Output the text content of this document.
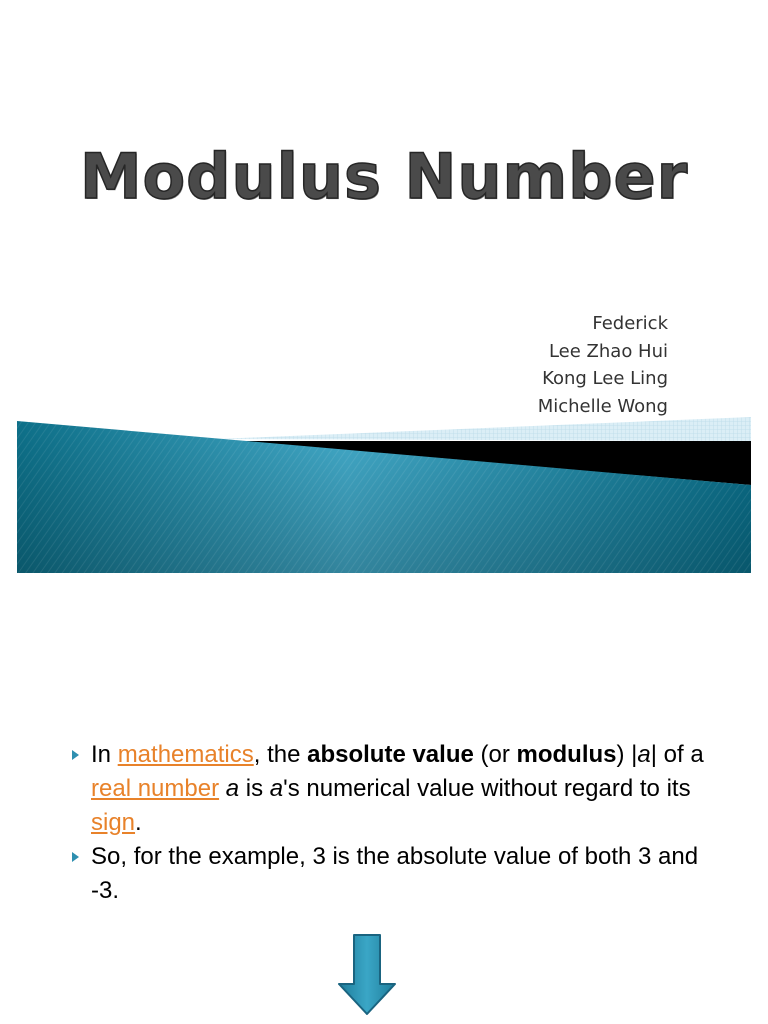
Modulus Number
Federick
Lee Zhao Hui
Kong Lee Ling
Michelle Wong
In mathematics, the absolute value (or modulus) |a| of a real number a is a's numerical value without regard to its sign.
So, for the example, 3 is the absolute value of both 3 and -3.
